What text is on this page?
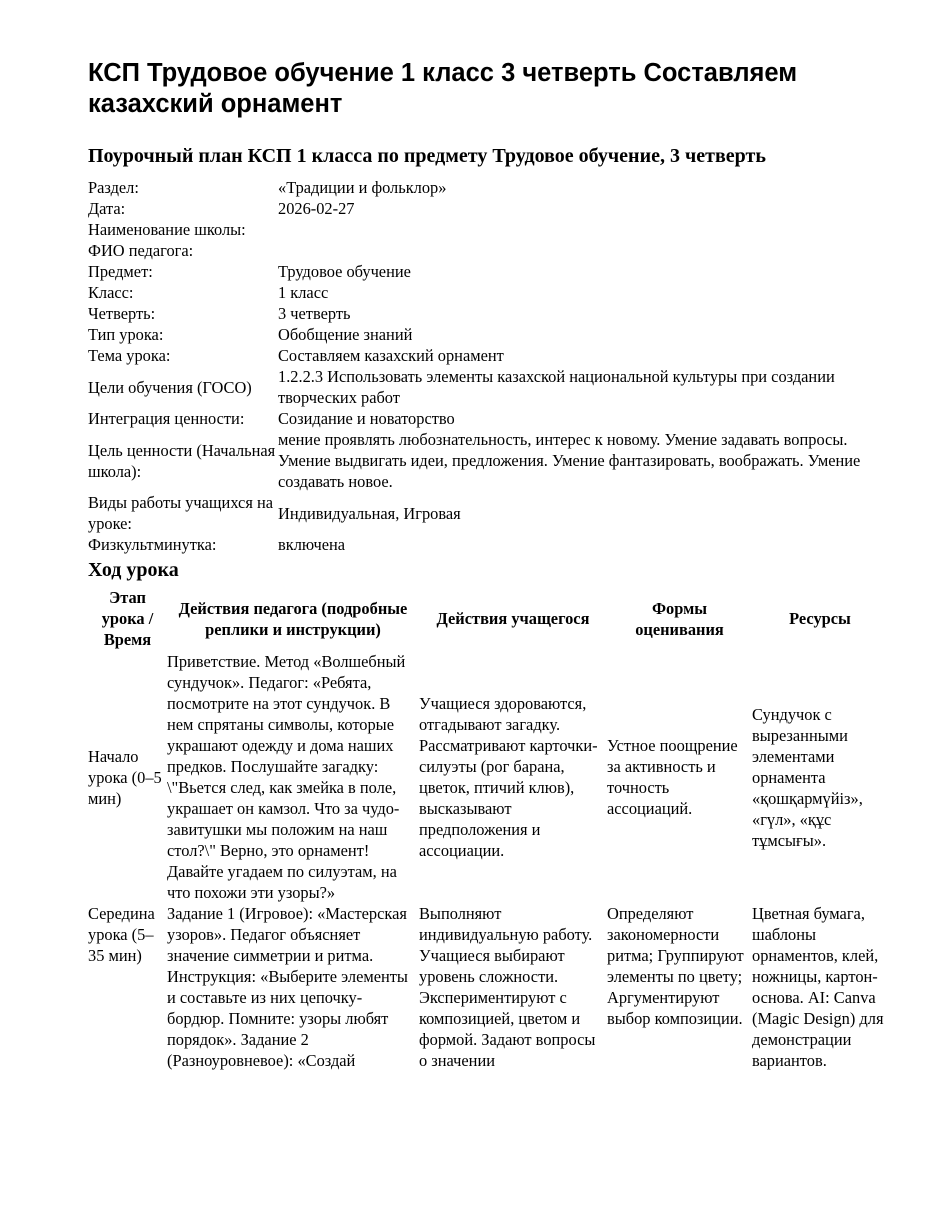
КСП Трудовое обучение 1 класс 3 четверть Составляем казахский орнамент
Поурочный план КСП 1 класса по предмету Трудовое обучение, 3 четверть
Раздел:	«Традиции и фольклор»
Дата:	2026-02-27
Наименование школы:	
ФИО педагога:	
Предмет:	Трудовое обучение
Класс:	1 класс
Четверть:	3 четверть
Тип урока:	Обобщение знаний
Тема урока:	Составляем казахский орнамент
Цели обучения (ГОСО)	1.2.2.3 Использовать элементы казахской национальной культуры при создании творческих работ
Интеграция ценности:	Созидание и новаторство
Цель ценности (Начальная школа):	мение проявлять любознательность, интерес к новому. Умение задавать вопросы. Умение выдвигать идеи, предложения. Умение фантазировать, воображать. Умение создавать новое.
Виды работы учащихся на уроке:	Индивидуальная, Игровая
Физкультминутка:	включена
Ход урока
Этап урока / Время	Действия педагога (подробные реплики и инструкции)	Действия учащегося	Формы оценивания	Ресурсы
Начало урока (0–5 мин)	Приветствие. Метод «Волшебный сундучок». Педагог: «Ребята, посмотрите на этот сундучок. В нем спрятаны символы, которые украшают одежду и дома наших предков. Послушайте загадку: \"Вьется след, как змейка в поле, украшает он камзол. Что за чудо-завитушки мы положим на наш стол?\" Верно, это орнамент! Давайте угадаем по силуэтам, на что похожи эти узоры?»	Учащиеся здороваются, отгадывают загадку. Рассматривают карточки-силуэты (рог барана, цветок, птичий клюв), высказывают предположения и ассоциации.	Устное поощрение за активность и точность ассоциаций.	Сундучок с вырезанными элементами орнамента «қошқармүйіз», «гүл», «құс тұмсығы».
Середина урока (5–35 мин)	Задание 1 (Игровое): «Мастерская узоров». Педагог объясняет значение симметрии и ритма. Инструкция: «Выберите элементы и составьте из них цепочку-бордюр. Помните: узоры любят порядок». Задание 2 (Разноуровневое): «Создай	Выполняют индивидуальную работу. Учащиеся выбирают уровень сложности. Экспериментируют с композицией, цветом и формой. Задают вопросы о значении	Определяют закономерности ритма; Группируют элементы по цвету; Аргументируют выбор композиции.	Цветная бумага, шаблоны орнаментов, клей, ножницы, картон-основа. AI: Canva (Magic Design) для демонстрации вариантов.
